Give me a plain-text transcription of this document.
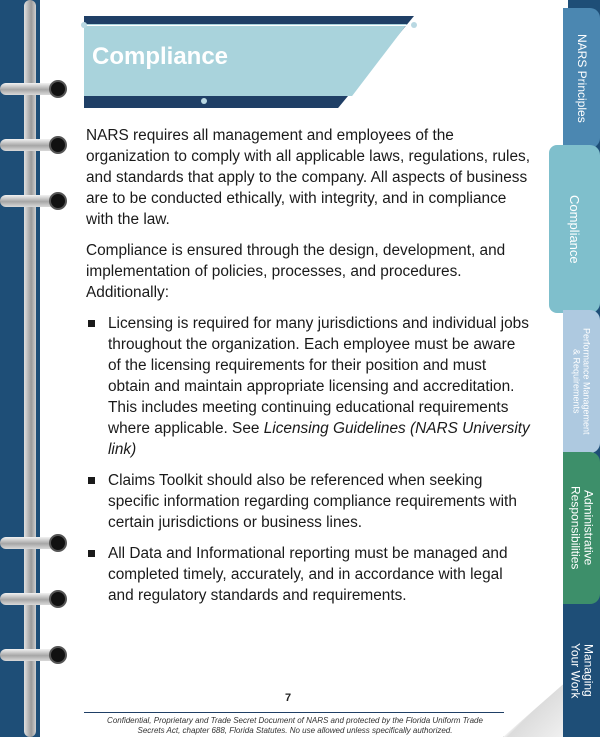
Compliance

NARS requires all management and employees of the organization to comply with all applicable laws, regulations, rules, and standards that apply to the company. All aspects of business are to be conducted ethically, with integrity, and in compliance with the law.

Compliance is ensured through the design, development, and implementation of policies, processes, and procedures. Additionally:

Licensing is required for many jurisdictions and individual jobs throughout the organization. Each employee must be aware of the licensing requirements for their position and must obtain and maintain appropriate licensing and accreditation. This includes meeting continuing educational requirements where applicable. See Licensing Guidelines (NARS University link)
Claims Toolkit should also be referenced when seeking specific information regarding compliance requirements with certain jurisdictions or business lines.
All Data and Informational reporting must be managed and completed timely, accurately, and in accordance with legal and regulatory standards and requirements.
7
Confidential, Proprietary and Trade Secret Document of NARS and protected by the Florida Uniform Trade Secrets Act, chapter 688, Florida Statutes. No use allowed unless specifically authorized.
NARS Principles
Compliance
Performance Management
& Requirements
Administrative
Responsibilities
Managing
Your Work
